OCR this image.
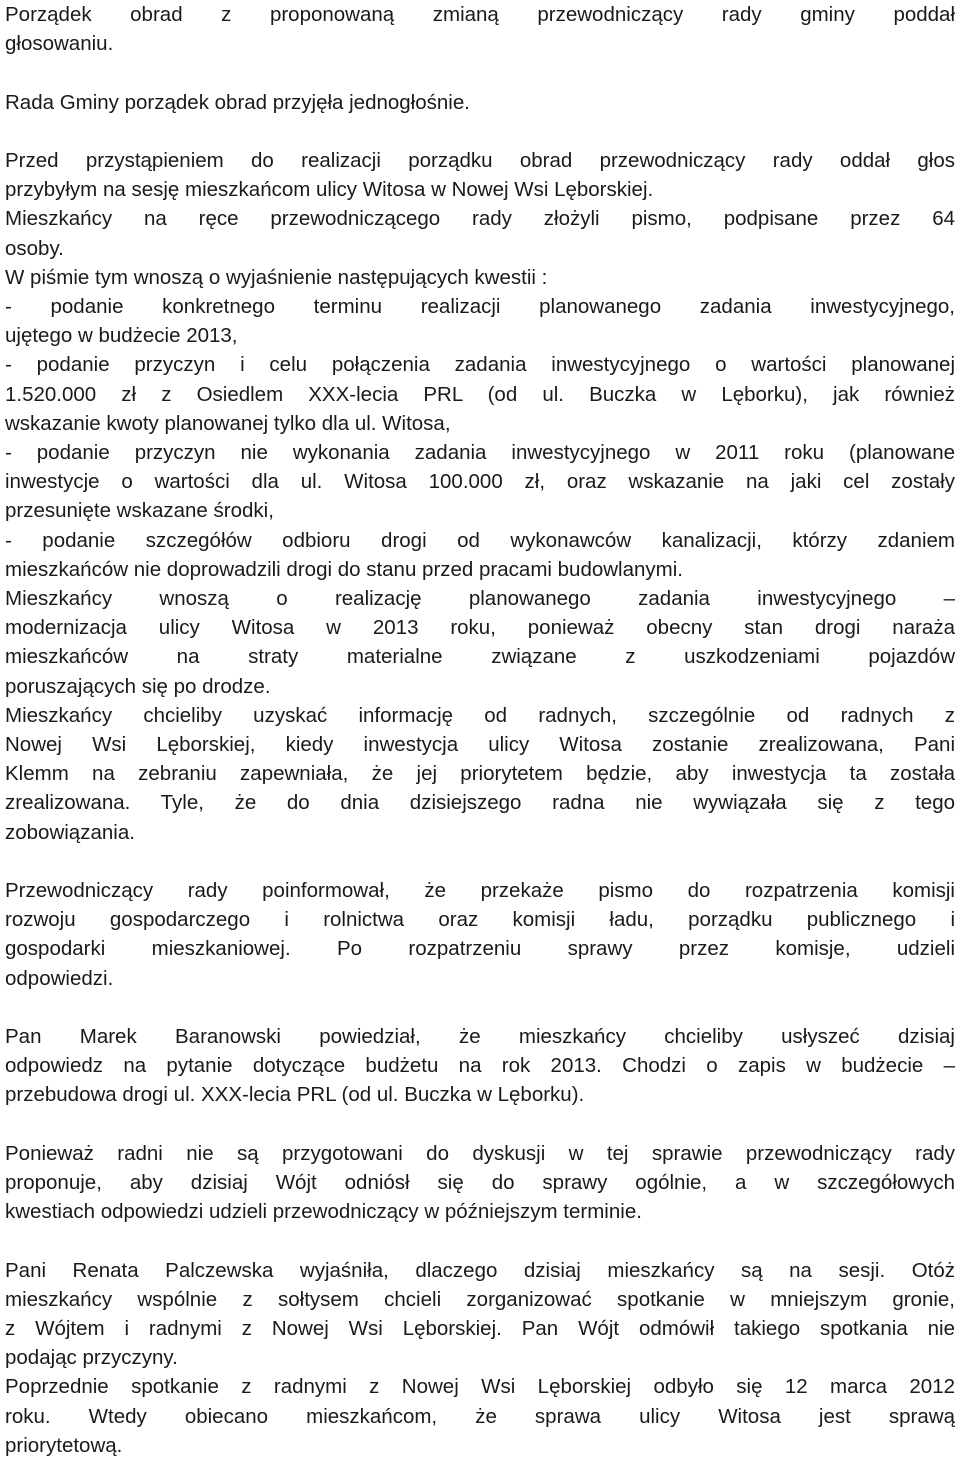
Porządek obrad z proponowaną zmianą przewodniczący rady gminy poddał
głosowaniu.

Rada Gminy porządek obrad przyjęła jednogłośnie.

Przed przystąpieniem do realizacji porządku obrad przewodniczący rady oddał głos
przybyłym na sesję mieszkańcom ulicy Witosa w Nowej Wsi Lęborskiej.
Mieszkańcy na ręce przewodniczącego rady złożyli pismo, podpisane przez 64
osoby.
W piśmie tym wnoszą o wyjaśnienie następujących kwestii :
- podanie konkretnego terminu realizacji planowanego zadania inwestycyjnego,
ujętego w budżecie 2013,
- podanie przyczyn i celu połączenia zadania inwestycyjnego o wartości planowanej
1.520.000 zł z Osiedlem XXX-lecia PRL (od ul. Buczka w Lęborku), jak również
wskazanie kwoty planowanej tylko dla ul. Witosa,
- podanie przyczyn nie wykonania zadania inwestycyjnego w 2011 roku (planowane
inwestycje o wartości dla ul. Witosa 100.000 zł, oraz wskazanie na jaki cel zostały
przesunięte wskazane środki,
- podanie szczegółów odbioru drogi od wykonawców kanalizacji, którzy zdaniem
mieszkańców nie doprowadzili drogi do stanu przed pracami budowlanymi.
Mieszkańcy wnoszą o realizację planowanego zadania inwestycyjnego –
modernizacja ulicy Witosa w 2013 roku, ponieważ obecny stan drogi naraża
mieszkańców na straty materialne związane z uszkodzeniami pojazdów
poruszających się po drodze.
Mieszkańcy chcieliby uzyskać informację od radnych, szczególnie od radnych z
Nowej Wsi Lęborskiej, kiedy inwestycja ulicy Witosa zostanie zrealizowana, Pani
Klemm na zebraniu zapewniała, że jej priorytetem będzie, aby inwestycja ta została
zrealizowana. Tyle, że do dnia dzisiejszego radna nie wywiązała się z tego
zobowiązania.

Przewodniczący rady poinformował, że przekaże pismo do rozpatrzenia komisji
rozwoju gospodarczego i rolnictwa oraz komisji ładu, porządku publicznego i
gospodarki mieszkaniowej. Po rozpatrzeniu sprawy przez komisje, udzieli
odpowiedzi.

Pan Marek Baranowski powiedział, że mieszkańcy chcieliby usłyszeć dzisiaj
odpowiedz na pytanie dotyczące budżetu na rok 2013. Chodzi o zapis w budżecie –
przebudowa drogi ul. XXX-lecia PRL (od ul. Buczka w Lęborku).

Ponieważ radni nie są przygotowani do dyskusji w tej sprawie przewodniczący rady
proponuje, aby dzisiaj Wójt odniósł się do sprawy ogólnie, a w szczegółowych
kwestiach odpowiedzi udzieli przewodniczący w późniejszym terminie.

Pani Renata Palczewska wyjaśniła, dlaczego dzisiaj mieszkańcy są na sesji. Otóż
mieszkańcy wspólnie z sołtysem chcieli zorganizować spotkanie w mniejszym gronie,
z Wójtem i radnymi z Nowej Wsi Lęborskiej. Pan Wójt odmówił takiego spotkania nie
podając przyczyny.
Poprzednie spotkanie z radnymi z Nowej Wsi Lęborskiej odbyło się 12 marca 2012
roku. Wtedy obiecano mieszkańcom, że sprawa ulicy Witosa jest sprawą
priorytetową.
